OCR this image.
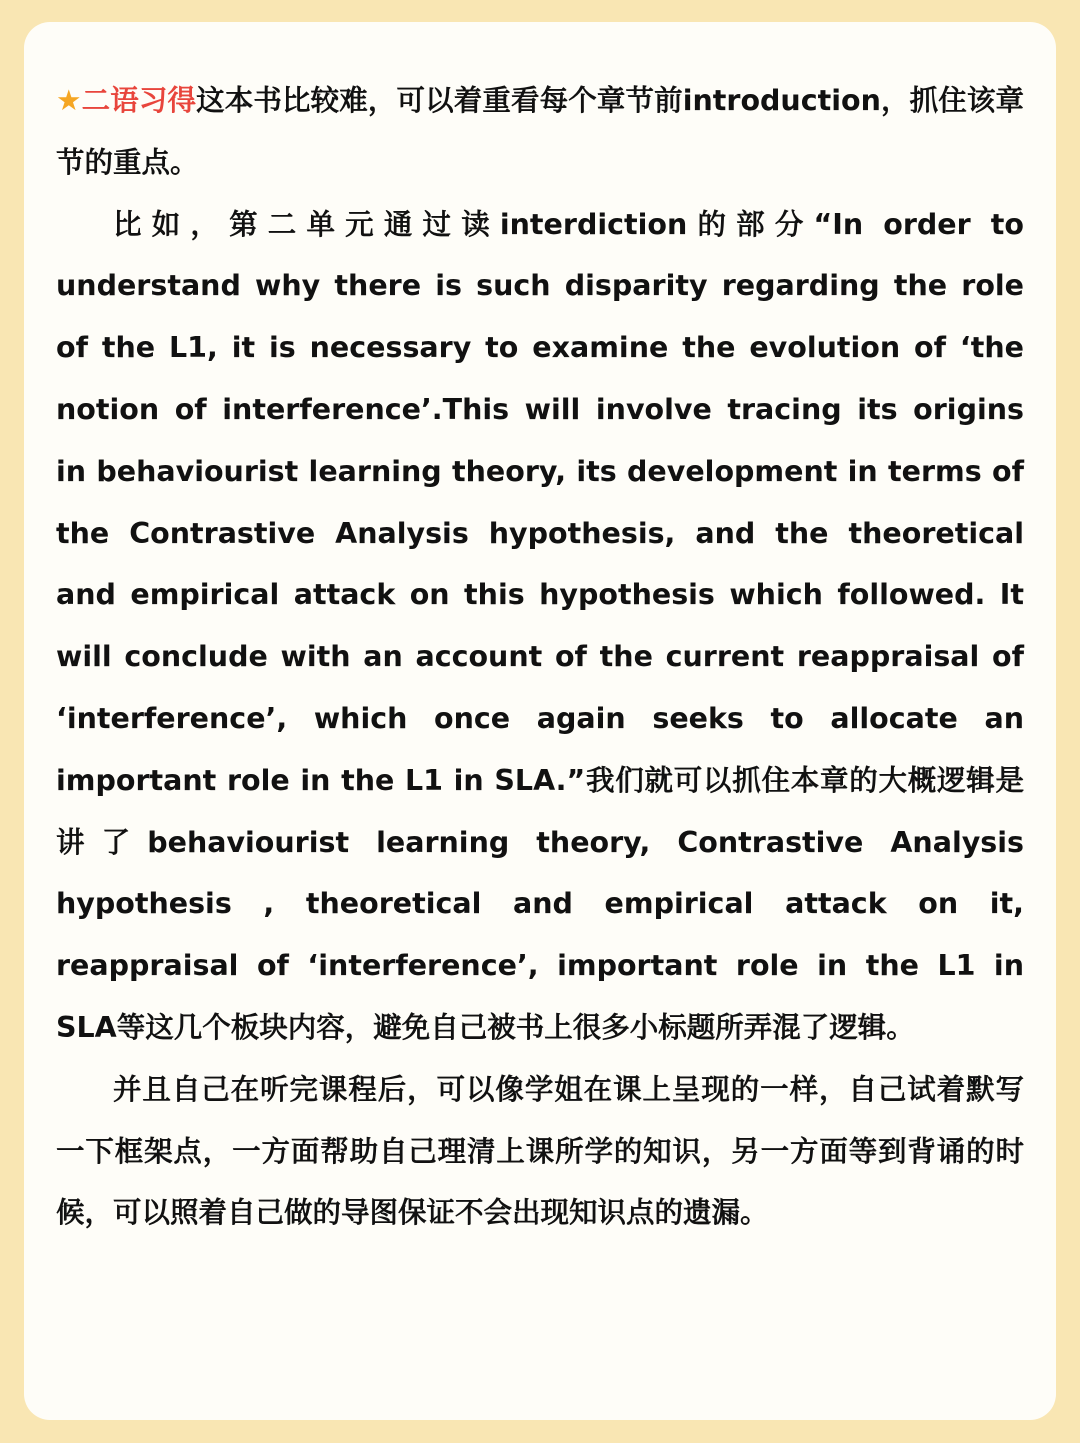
★二语习得这本书比较难，可以着重看每个章节前introduction，抓住该章节的重点。

比如，第二单元通过读interdiction的部分“In order to understand why there is such disparity regarding the role of the L1, it is necessary to examine the evolution of ‘the notion of interference’.This will involve tracing its origins in behaviourist learning theory, its development in terms of the Contrastive Analysis hypothesis, and the theoretical and empirical attack on this hypothesis which followed. It will conclude with an account of the current reappraisal of ‘interference’, which once again seeks to allocate an important role in the L1 in SLA.”我们就可以抓住本章的大概逻辑是讲了behaviourist learning theory, Contrastive Analysis hypothesis , theoretical and empirical attack on it, reappraisal of ‘interference’, important role in the L1 in SLA等这几个板块内容，避免自己被书上很多小标题所弄混了逻辑。

并且自己在听完课程后，可以像学姐在课上呈现的一样，自己试着默写一下框架点，一方面帮助自己理清上课所学的知识，另一方面等到背诵的时候，可以照着自己做的导图保证不会出现知识点的遗漏。
